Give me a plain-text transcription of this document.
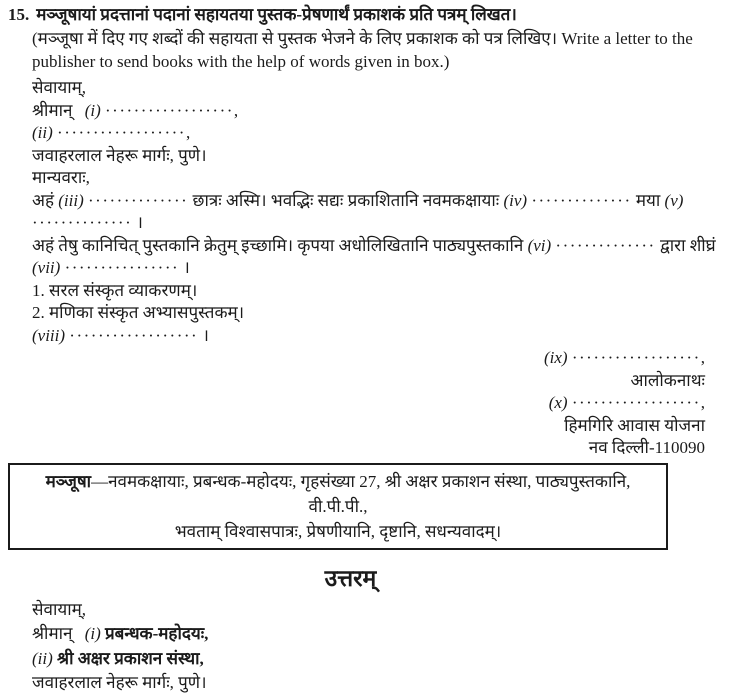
15. मञ्जूषायां प्रदत्तानां पदानां सहायतया पुस्तक-प्रेषणार्थं प्रकाशकं प्रति पत्रम् लिखत।
(मञ्जूषा में दिए गए शब्दों की सहायता से पुस्तक भेजने के लिए प्रकाशक को पत्र लिखिए। Write a letter to the publisher to send books with the help of words given in box.)
सेवायाम्,
श्रीमान् (i) ··················,
(ii) ··················,
जवाहरलाल नेहरू मार्गः, पुणे।
मान्यवराः,
अहं (iii) ·············· छात्रः अस्मि। भवद्भिः सद्यः प्रकाशितानि नवमकक्षायाः (iv) ·············· मया (v) ·············· ।
अहं तेषु कानिचित् पुस्तकानि क्रेतुम् इच्छामि। कृपया अधोलिखितानि पाठ्यपुस्तकानि (vi) ·············· द्वारा शीघ्रं
(vii) ················ ।
1. सरल संस्कृत व्याकरणम्।
2. मणिका संस्कृत अभ्यासपुस्तकम्।
(viii) ·················· ।
(ix) ··················,
आलोकनाथः
(x) ··················,
हिमगिरि आवास योजना
नव दिल्ली-110090
मञ्जूषा—नवमकक्षायाः, प्रबन्धक-महोदयः, गृहसंख्या 27, श्री अक्षर प्रकाशन संस्था, पाठ्यपुस्तकानि, वी.पी.पी.,
भवताम् विश्वासपात्रः, प्रेषणीयानि, दृष्टानि, सधन्यवादम्।
उत्तरम्
सेवायाम्,
श्रीमान् (i) प्रबन्धक-महोदयः,
(ii) श्री अक्षर प्रकाशन संस्था,
जवाहरलाल नेहरू मार्गः, पुणे।
